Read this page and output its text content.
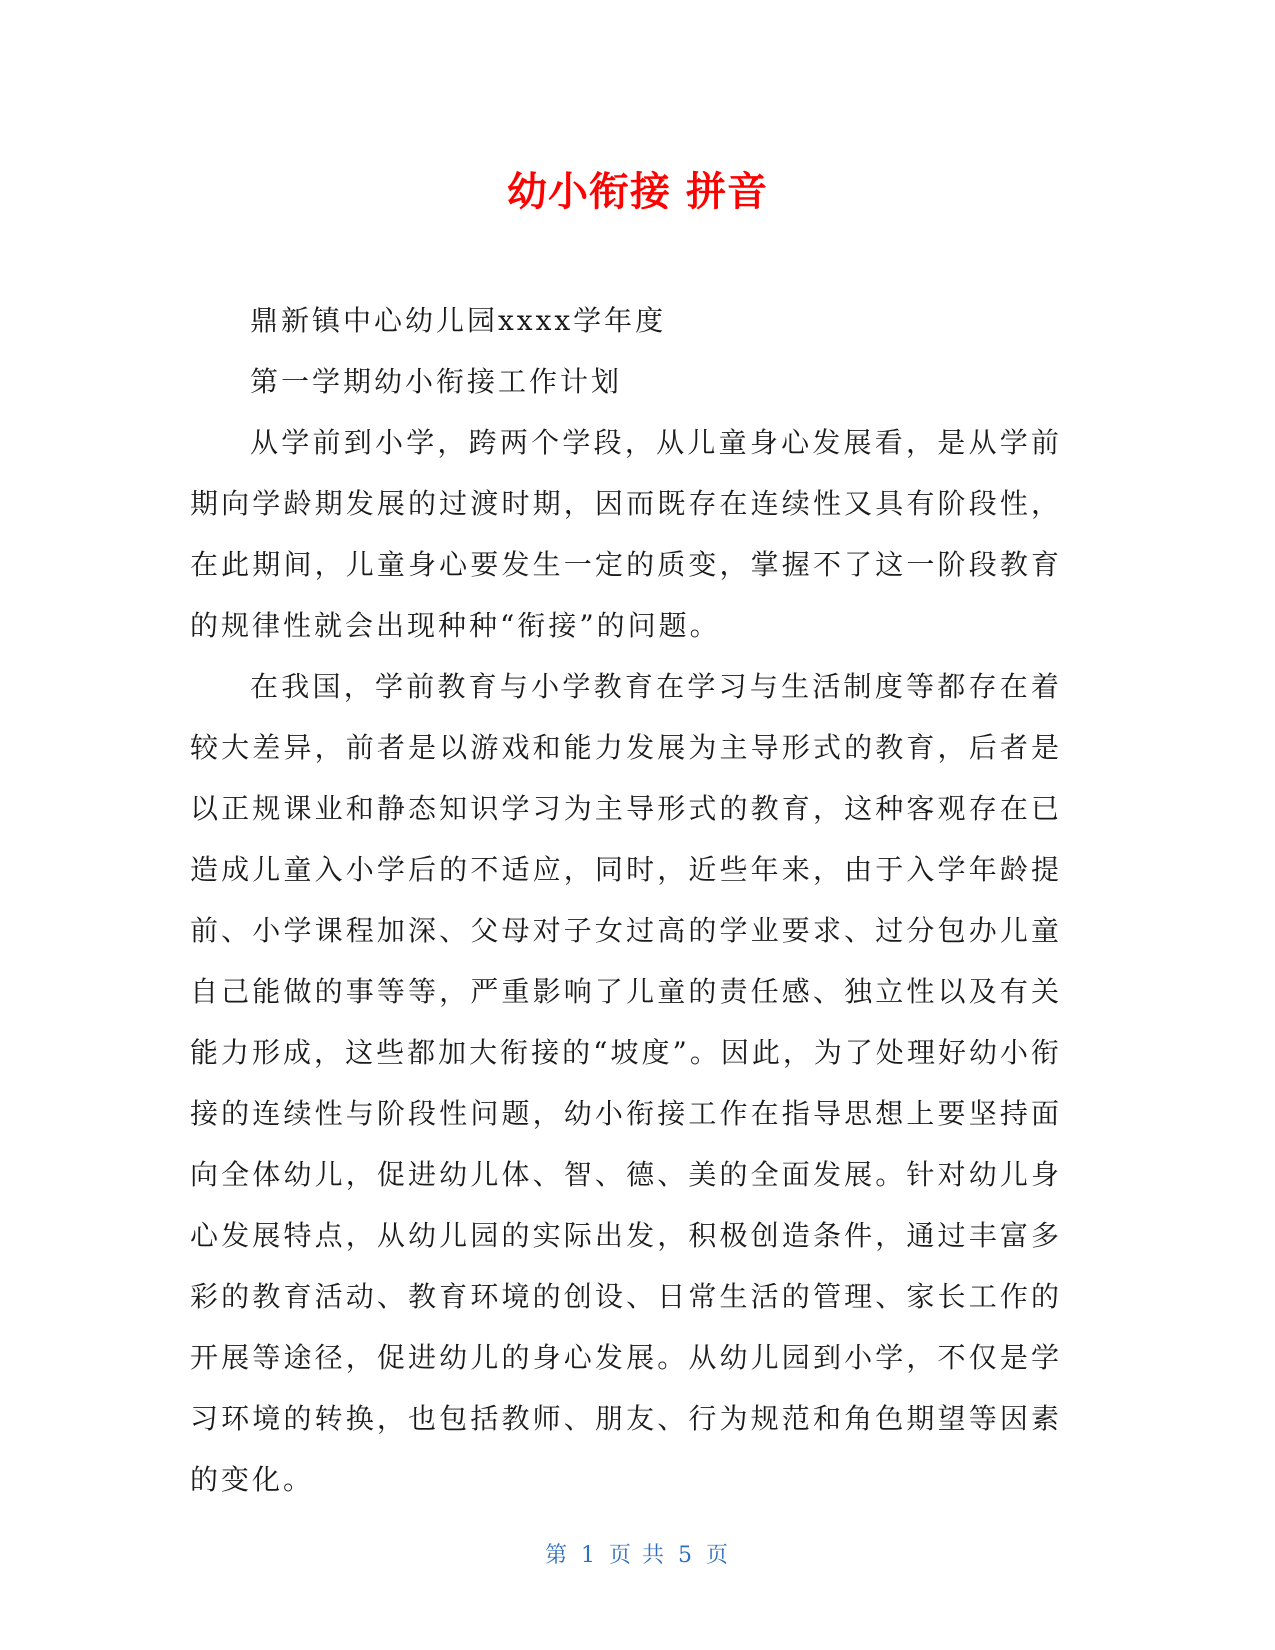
幼小衔接 拼音

鼎新镇中心幼儿园xxxx学年度

第一学期幼小衔接工作计划

从学前到小学，跨两个学段，从儿童身心发展看，是从学前期向学龄期发展的过渡时期，因而既存在连续性又具有阶段性，在此期间，儿童身心要发生一定的质变，掌握不了这一阶段教育的规律性就会出现种种“衔接”的问题。

在我国，学前教育与小学教育在学习与生活制度等都存在着较大差异，前者是以游戏和能力发展为主导形式的教育，后者是以正规课业和静态知识学习为主导形式的教育，这种客观存在已造成儿童入小学后的不适应，同时，近些年来，由于入学年龄提前、小学课程加深、父母对子女过高的学业要求、过分包办儿童自己能做的事等等，严重影响了儿童的责任感、独立性以及有关能力形成，这些都加大衔接的“坡度”。因此，为了处理好幼小衔接的连续性与阶段性问题，幼小衔接工作在指导思想上要坚持面向全体幼儿，促进幼儿体、智、德、美的全面发展。针对幼儿身心发展特点，从幼儿园的实际出发，积极创造条件，通过丰富多彩的教育活动、教育环境的创设、日常生活的管理、家长工作的开展等途径，促进幼儿的身心发展。从幼儿园到小学，不仅是学习环境的转换，也包括教师、朋友、行为规范和角色期望等因素的变化。

第 1 页 共 5 页
